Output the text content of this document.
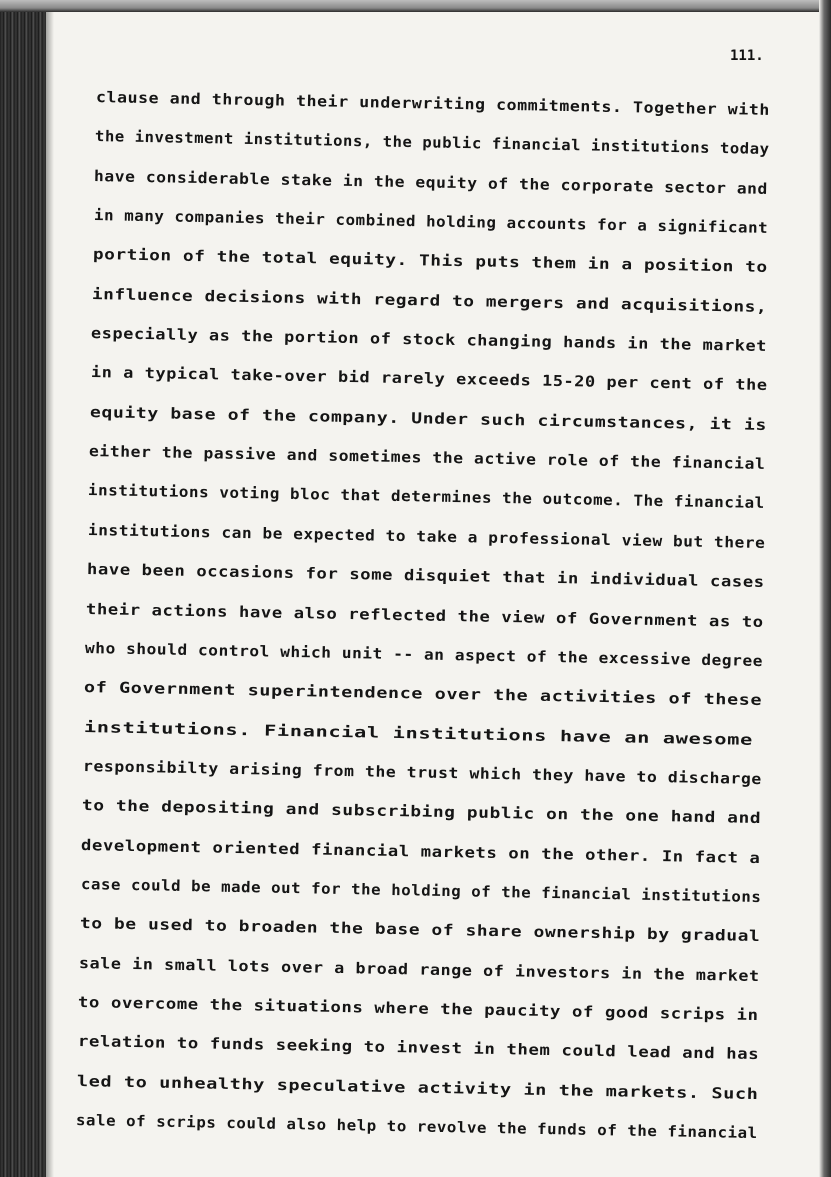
111.

clause and through their underwriting commitments. Together with
the investment institutions, the public financial institutions today
have considerable stake in the equity of the corporate sector and
in many companies their combined holding accounts for a significant
portion of the total equity. This puts them in a position to
influence decisions with regard to mergers and acquisitions,
especially as the portion of stock changing hands in the market
in a typical take-over bid rarely exceeds 15-20 per cent of the
equity base of the company. Under such circumstances, it is
either the passive and sometimes the active role of the financial
institutions voting bloc that determines the outcome. The financial
institutions can be expected to take a professional view but there
have been occasions for some disquiet that in individual cases
their actions have also reflected the view of Government as to
who should control which unit -- an aspect of the excessive degree
of Government superintendence over the activities of these
institutions. Financial institutions have an awesome
responsibilty arising from the trust which they have to discharge
to the depositing and subscribing public on the one hand and
development oriented financial markets on the other. In fact a
case could be made out for the holding of the financial institutions
to be used to broaden the base of share ownership by gradual
sale in small lots over a broad range of investors in the market
to overcome the situations where the paucity of good scrips in
relation to funds seeking to invest in them could lead and has
led to unhealthy speculative activity in the markets. Such
sale of scrips could also help to revolve the funds of the financial
